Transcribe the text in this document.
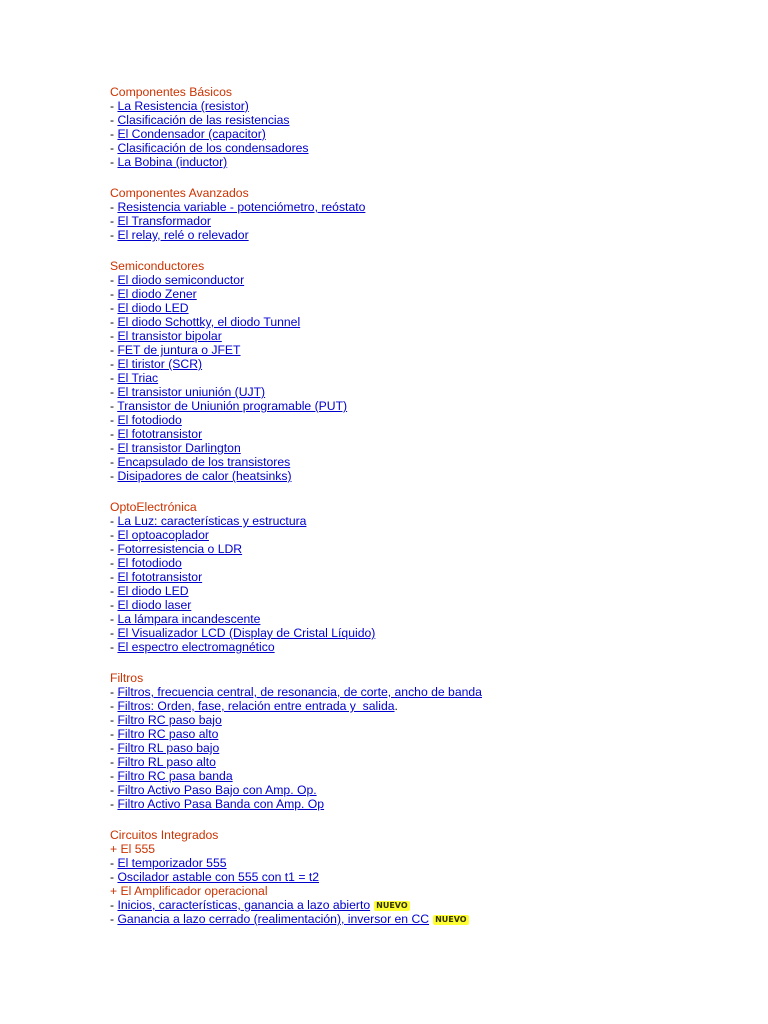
Componentes Básicos
- La Resistencia (resistor)
- Clasificación de las resistencias
- El Condensador (capacitor)
- Clasificación de los condensadores
- La Bobina (inductor)
Componentes Avanzados
- Resistencia variable - potenciómetro, reóstato
- El Transformador
- El relay, relé o relevador
Semiconductores
- El diodo semiconductor
- El diodo Zener
- El diodo LED
- El diodo Schottky, el diodo Tunnel
- El transistor bipolar
- FET de juntura o JFET
- El tiristor (SCR)
- El Triac
- El transistor uniunión (UJT)
- Transistor de Uniunión programable (PUT)
- El fotodiodo
- El fototransistor
- El transistor Darlington
- Encapsulado de los transistores
- Disipadores de calor (heatsinks)
OptoElectrónica
- La Luz: características y estructura
- El optoacoplador
- Fotorresistencia o LDR
- El fotodiodo
- El fototransistor
- El diodo LED
- El diodo laser
- La lámpara incandescente
- El Visualizador LCD (Display de Cristal Líquido)
- El espectro electromagnético
Filtros
- Filtros, frecuencia central, de resonancia, de corte, ancho de banda
- Filtros: Orden, fase, relación entre entrada y  salida.
- Filtro RC paso bajo
- Filtro RC paso alto
- Filtro RL paso bajo
- Filtro RL paso alto
- Filtro RC pasa banda
- Filtro Activo Paso Bajo con Amp. Op.
- Filtro Activo Pasa Banda con Amp. Op
Circuitos Integrados
+ El 555
- El temporizador 555
- Oscilador astable con 555 con t1 = t2
+ El Amplificador operacional
- Inicios, características, ganancia a lazo abierto NUEVO
- Ganancia a lazo cerrado (realimentación), inversor en CC NUEVO
